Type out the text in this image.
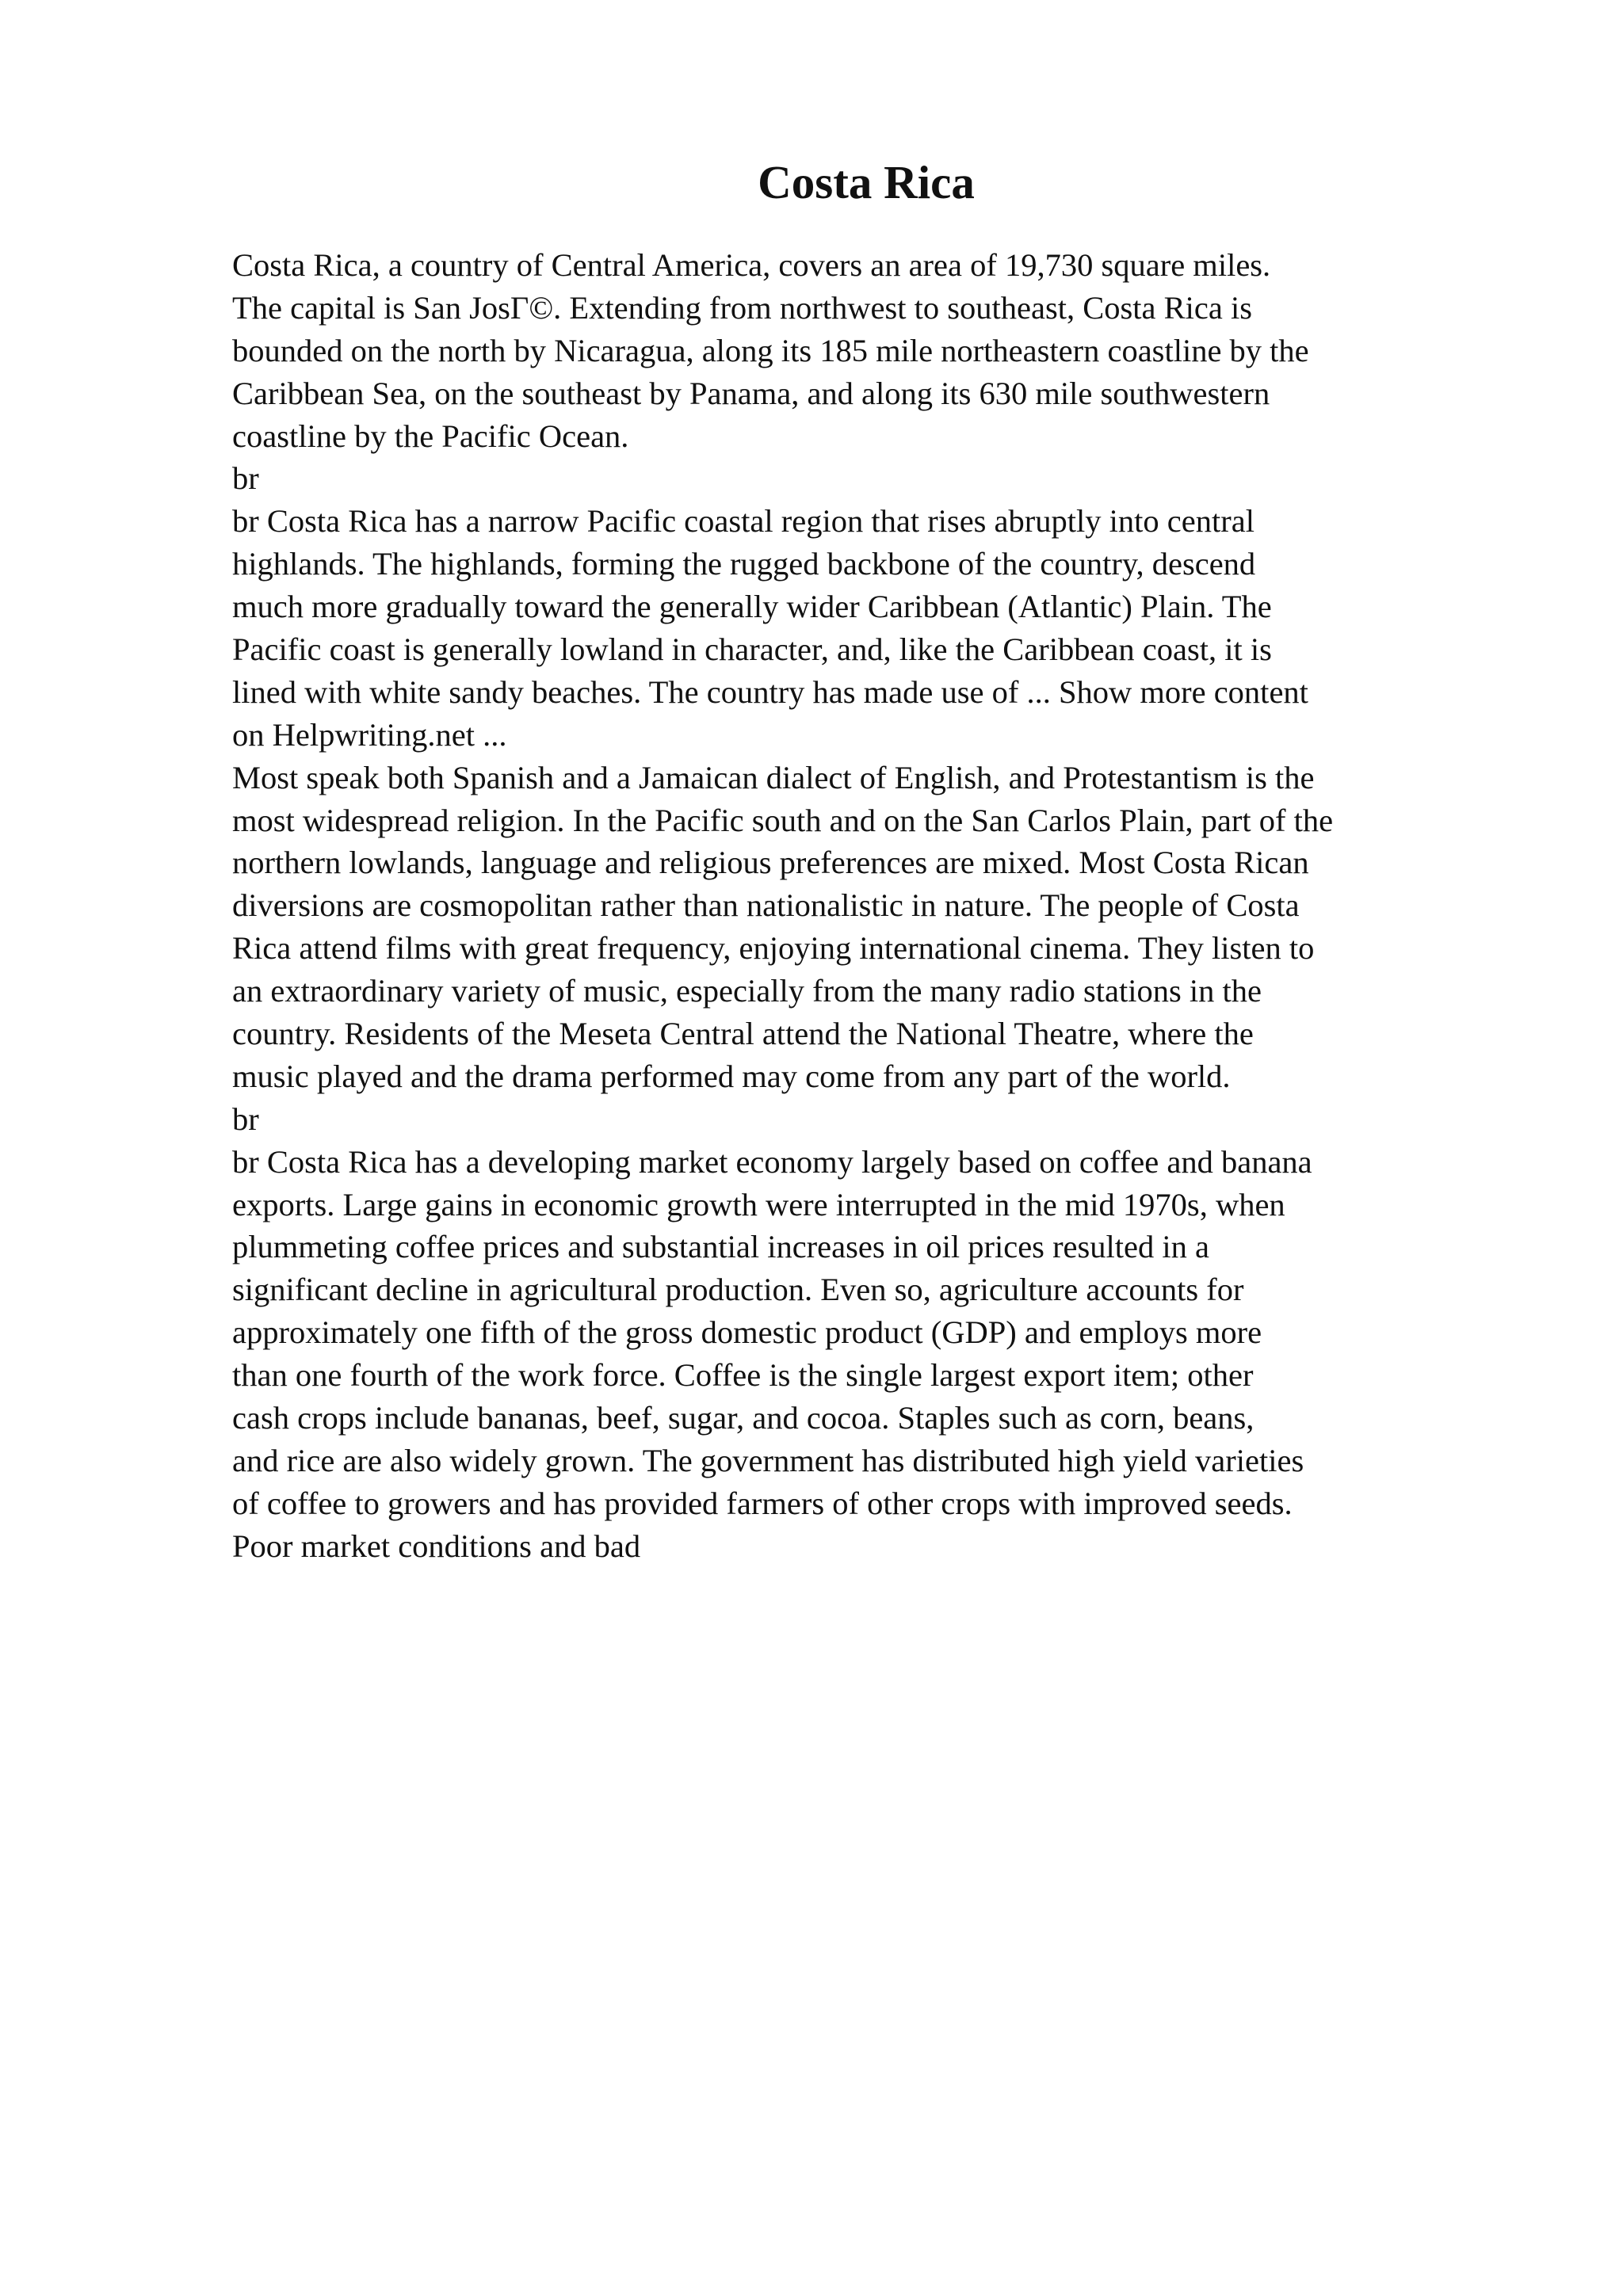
Costa Rica
Costa Rica, a country of Central America, covers an area of 19,730 square miles.
The capital is San JosГ©. Extending from northwest to southeast, Costa Rica is
bounded on the north by Nicaragua, along its 185 mile northeastern coastline by the
Caribbean Sea, on the southeast by Panama, and along its 630 mile southwestern
coastline by the Pacific Ocean.
br
br Costa Rica has a narrow Pacific coastal region that rises abruptly into central
highlands. The highlands, forming the rugged backbone of the country, descend
much more gradually toward the generally wider Caribbean (Atlantic) Plain. The
Pacific coast is generally lowland in character, and, like the Caribbean coast, it is
lined with white sandy beaches. The country has made use of ... Show more content
on Helpwriting.net ...
Most speak both Spanish and a Jamaican dialect of English, and Protestantism is the
most widespread religion. In the Pacific south and on the San Carlos Plain, part of the
northern lowlands, language and religious preferences are mixed. Most Costa Rican
diversions are cosmopolitan rather than nationalistic in nature. The people of Costa
Rica attend films with great frequency, enjoying international cinema. They listen to
an extraordinary variety of music, especially from the many radio stations in the
country. Residents of the Meseta Central attend the National Theatre, where the
music played and the drama performed may come from any part of the world.
br
br Costa Rica has a developing market economy largely based on coffee and banana
exports. Large gains in economic growth were interrupted in the mid 1970s, when
plummeting coffee prices and substantial increases in oil prices resulted in a
significant decline in agricultural production. Even so, agriculture accounts for
approximately one fifth of the gross domestic product (GDP) and employs more
than one fourth of the work force. Coffee is the single largest export item; other
cash crops include bananas, beef, sugar, and cocoa. Staples such as corn, beans,
and rice are also widely grown. The government has distributed high yield varieties
of coffee to growers and has provided farmers of other crops with improved seeds.
Poor market conditions and bad
